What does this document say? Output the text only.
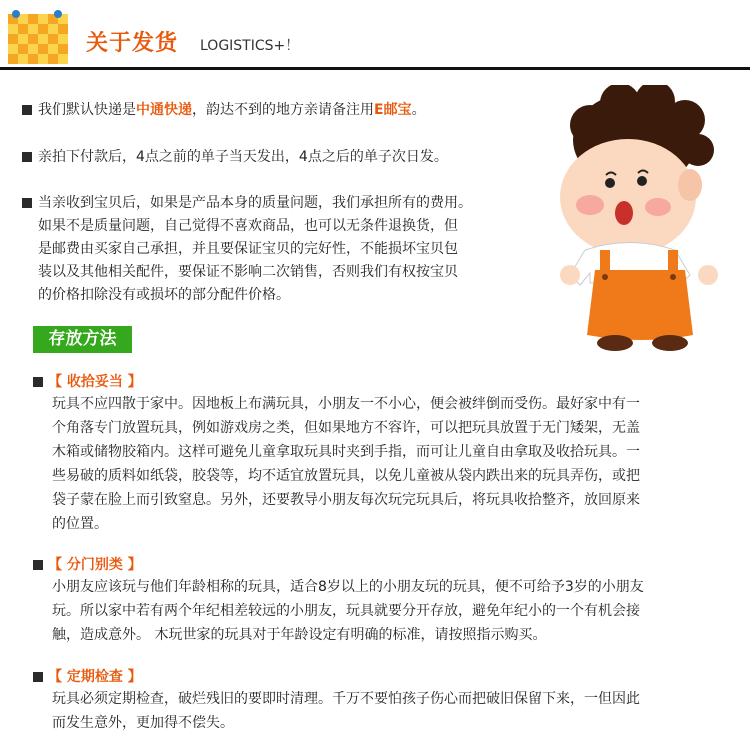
关于发货 LOGISTICS+！
我们默认快递是中通快递，韵达不到的地方亲请备注用E邮宝。
亲拍下付款后，4点之前的单子当天发出，4点之后的单子次日发。
当亲收到宝贝后，如果是产品本身的质量问题，我们承担所有的费用。
如果不是质量问题，自己觉得不喜欢商品，也可以无条件退换货，但
是邮费由买家自己承担，并且要保证宝贝的完好性，不能损坏宝贝包
装以及其他相关配件，要保证不影响二次销售，否则我们有权按宝贝
的价格扣除没有或损坏的部分配件价格。
存放方法
【 收拾妥当 】
玩具不应四散于家中。因地板上布满玩具，小朋友一不小心，便会被绊倒而受伤。最好家中有一
个角落专门放置玩具，例如游戏房之类，但如果地方不容许，可以把玩具放置于无门矮架，无盖
木箱或储物胶箱内。这样可避免儿童拿取玩具时夹到手指，而可让儿童自由拿取及收拾玩具。一
些易破的质料如纸袋，胶袋等，均不适宜放置玩具，以免儿童被从袋内跌出来的玩具弄伤，或把
袋子蒙在脸上而引致窒息。另外，还要教导小朋友每次玩完玩具后，将玩具收拾整齐，放回原来
的位置。
【 分门别类 】
小朋友应该玩与他们年龄相称的玩具，适合8岁以上的小朋友玩的玩具，便不可给予3岁的小朋友
玩。所以家中若有两个年纪相差较远的小朋友，玩具就要分开存放，避免年纪小的一个有机会接
触，造成意外。 木玩世家的玩具对于年龄设定有明确的标准，请按照指示购买。
【 定期检查 】
玩具必须定期检查，破烂残旧的要即时清理。千万不要怕孩子伤心而把破旧保留下来，一但因此
而发生意外，更加得不偿失。
